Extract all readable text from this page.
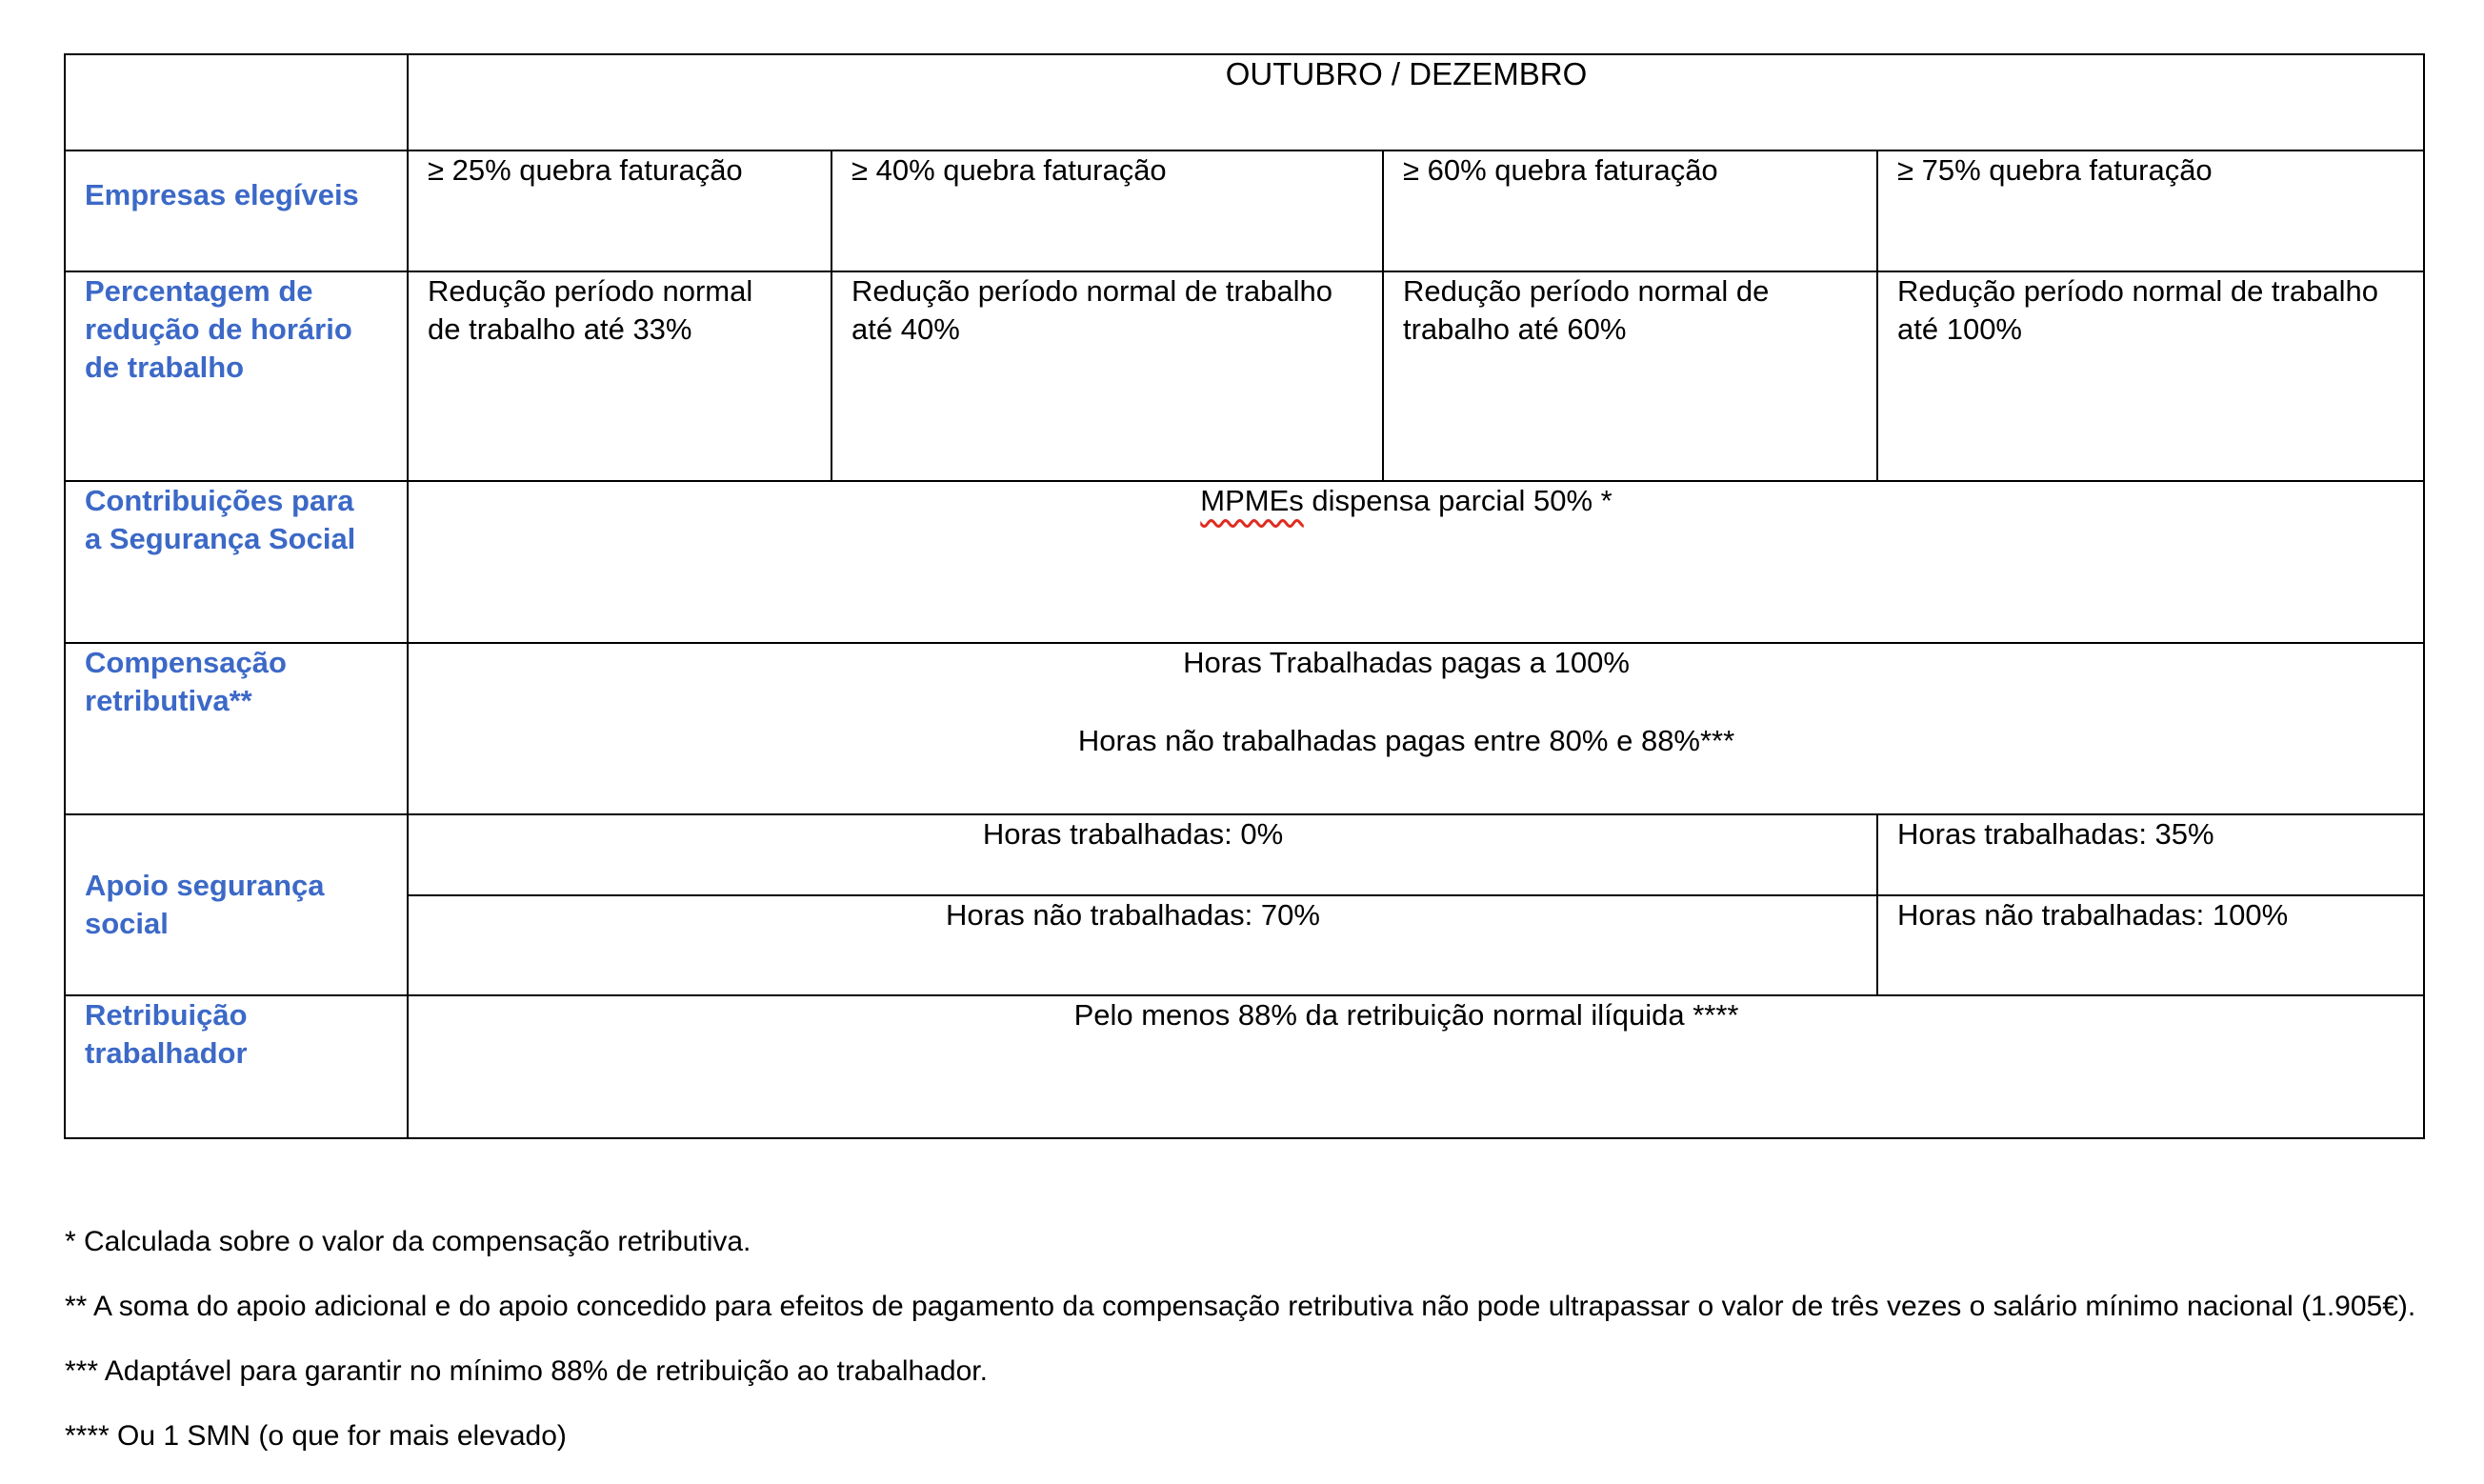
	OUTUBRO / DEZEMBRO			
Empresas elegíveis	≥ 25% quebra faturação	≥ 40% quebra faturação	≥ 60% quebra faturação	≥ 75% quebra faturação
Percentagem de redução de horário de trabalho	Redução período normal de trabalho até 33%	Redução período normal de trabalho até 40%	Redução período normal de trabalho até 60%	Redução período normal de trabalho até 100%
Contribuições para a Segurança Social	MPMEs dispensa parcial 50% *			
Compensação retributiva**	Horas Trabalhadas pagas a 100%
Horas não trabalhadas pagas entre 80% e 88%***			

Apoio segurança social	Horas trabalhadas: 0%			Horas trabalhadas: 35%
	Horas não trabalhadas: 70%			Horas não trabalhadas: 100%
Retribuição trabalhador	Pelo menos 88% da retribuição normal ilíquida ****			
* Calculada sobre o valor da compensação retributiva.
** A soma do apoio adicional e do apoio concedido para efeitos de pagamento da compensação retributiva não pode ultrapassar o valor de três vezes o salário mínimo nacional (1.905€).
*** Adaptável para garantir no mínimo 88% de retribuição ao trabalhador.
**** Ou 1 SMN (o que for mais elevado)
